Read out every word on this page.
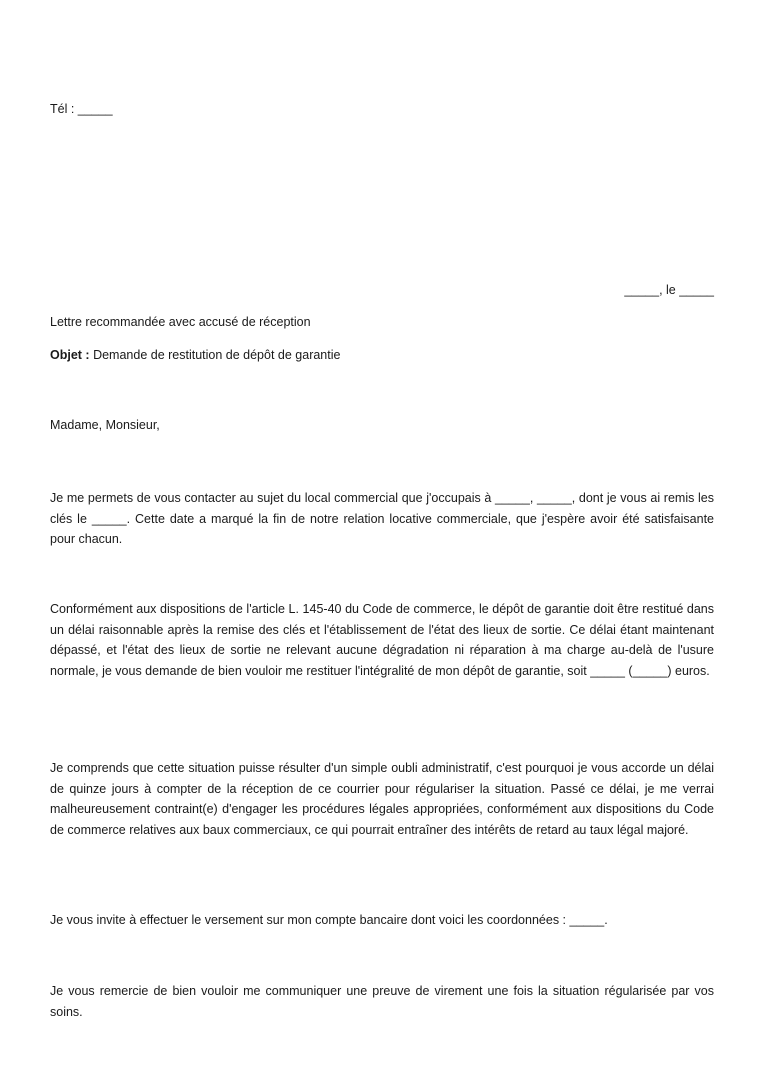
Tél : _____
_____, le _____
Lettre recommandée avec accusé de réception
Objet : Demande de restitution de dépôt de garantie
Madame, Monsieur,
Je me permets de vous contacter au sujet du local commercial que j'occupais à _____, _____, dont je vous ai remis les clés le _____. Cette date a marqué la fin de notre relation locative commerciale, que j'espère avoir été satisfaisante pour chacun.
Conformément aux dispositions de l'article L. 145-40 du Code de commerce, le dépôt de garantie doit être restitué dans un délai raisonnable après la remise des clés et l'établissement de l'état des lieux de sortie. Ce délai étant maintenant dépassé, et l'état des lieux de sortie ne relevant aucune dégradation ni réparation à ma charge au-delà de l'usure normale, je vous demande de bien vouloir me restituer l'intégralité de mon dépôt de garantie, soit _____ (_____) euros.
Je comprends que cette situation puisse résulter d'un simple oubli administratif, c'est pourquoi je vous accorde un délai de quinze jours à compter de la réception de ce courrier pour régulariser la situation. Passé ce délai, je me verrai malheureusement contraint(e) d'engager les procédures légales appropriées, conformément aux dispositions du Code de commerce relatives aux baux commerciaux, ce qui pourrait entraîner des intérêts de retard au taux légal majoré.
Je vous invite à effectuer le versement sur mon compte bancaire dont voici les coordonnées : _____.
Je vous remercie de bien vouloir me communiquer une preuve de virement une fois la situation régularisée par vos soins.
